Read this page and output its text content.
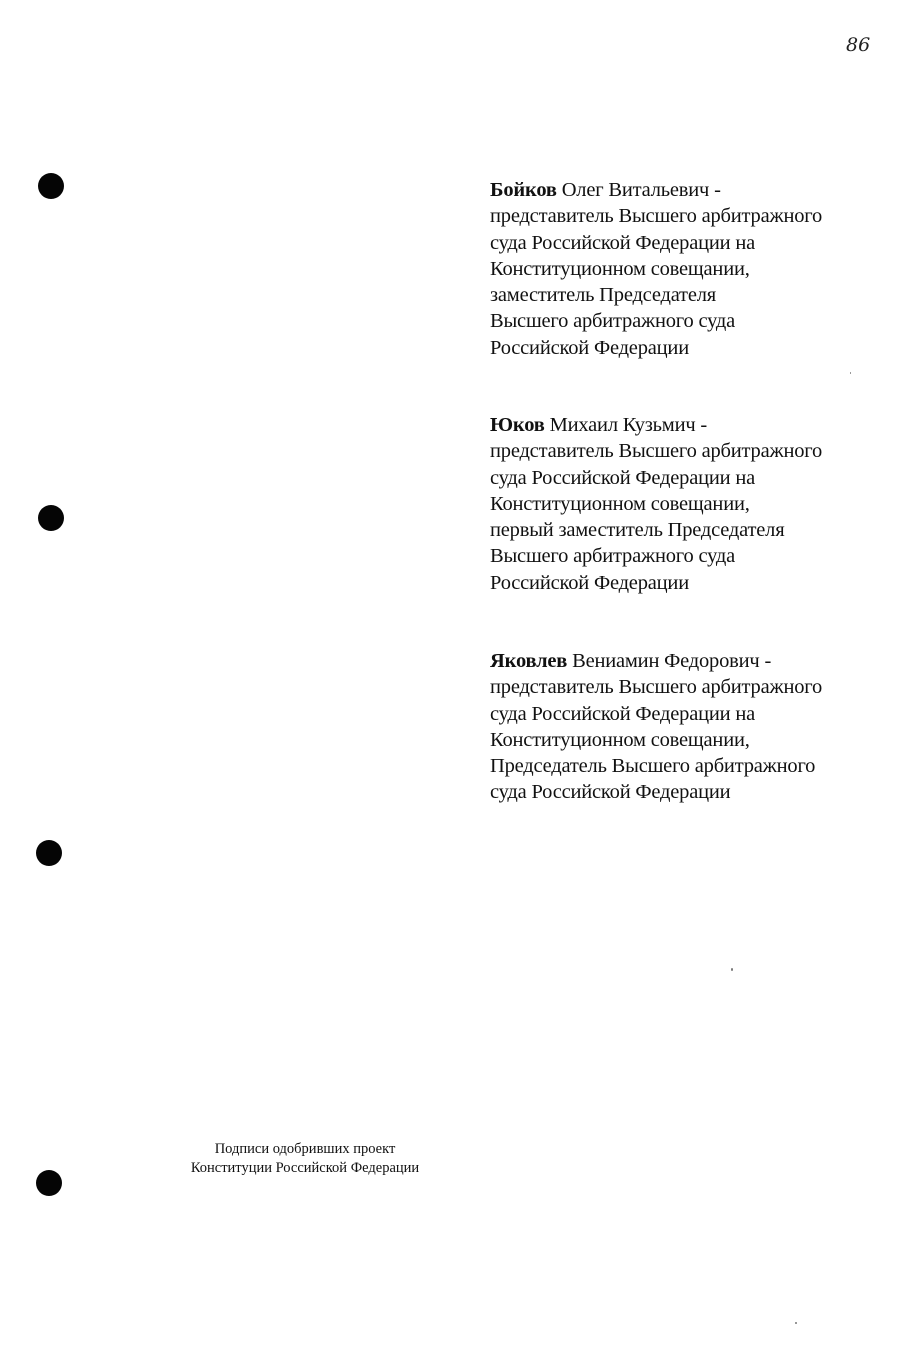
86
Бойков Олег Витальевич -
представитель Высшего арбитражного
суда Российской Федерации на
Конституционном совещании,
заместитель Председателя
Высшего арбитражного суда
Российской Федерации
Юков Михаил Кузьмич -
представитель Высшего арбитражного
суда Российской Федерации на
Конституционном совещании,
первый заместитель Председателя
Высшего арбитражного суда
Российской Федерации
Яковлев Вениамин Федорович -
представитель Высшего арбитражного
суда Российской Федерации на
Конституционном совещании,
Председатель Высшего арбитражного
суда Российской Федерации
Подписи одобривших проект
Конституции Российской Федерации
